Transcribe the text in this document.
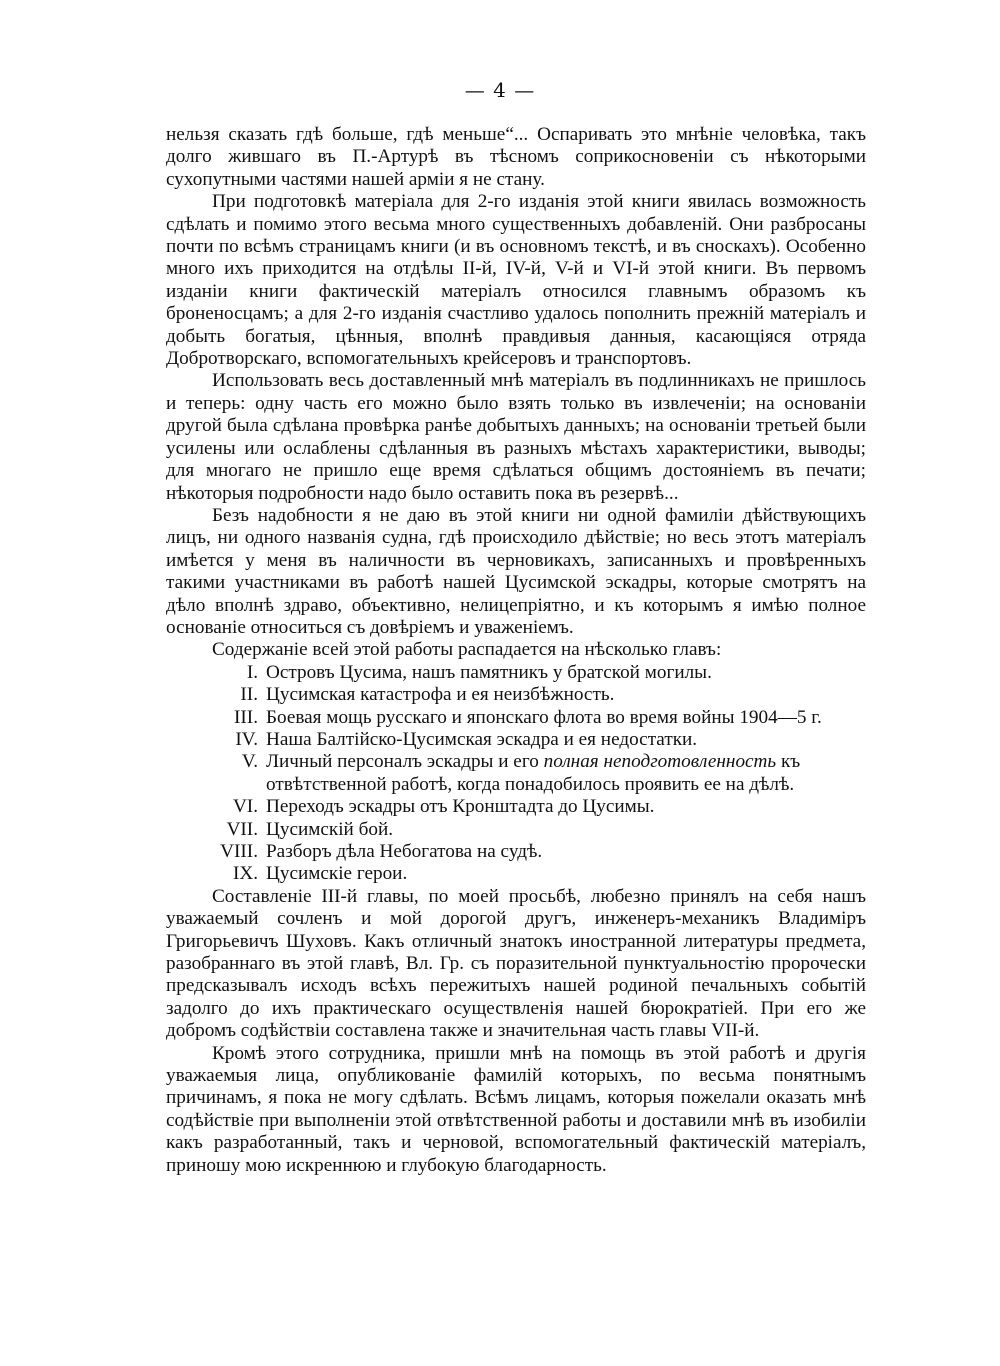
— 4 —

нельзя сказать гдѣ больше, гдѣ меньше“... Оспаривать это мнѣніе человѣка, такъ долго жившаго въ П.-Артурѣ въ тѣсномъ соприкосновеніи съ нѣкоторыми сухопутными частями нашей арміи я не стану.

При подготовкѣ матеріала для 2-го изданія этой книги явилась возможность сдѣлать и помимо этого весьма много существенныхъ добавленій. Они разбросаны почти по всѣмъ страницамъ книги (и въ основномъ текстѣ, и въ сноскахъ). Особенно много ихъ приходится на отдѣлы II-й, IV-й, V-й и VI-й этой книги. Въ первомъ изданіи книги фактическій матеріалъ относился главнымъ образомъ къ броненосцамъ; а для 2-го изданія счастливо удалось пополнить прежній матеріалъ и добыть богатыя, цѣнныя, вполнѣ правдивыя данныя, касающіяся отряда Добротворскаго, вспомогательныхъ крейсеровъ и транспортовъ.

Использовать весь доставленный мнѣ матеріалъ въ подлинникахъ не пришлось и теперь: одну часть его можно было взять только въ извлеченіи; на основаніи другой была сдѣлана провѣрка ранѣе добытыхъ данныхъ; на основаніи третьей были усилены или ослаблены сдѣланныя въ разныхъ мѣстахъ характеристики, выводы; для многаго не пришло еще время сдѣлаться общимъ достояніемъ въ печати; нѣкоторыя подробности надо было оставить пока въ резервѣ...

Безъ надобности я не даю въ этой книги ни одной фамиліи дѣйствующихъ лицъ, ни одного названія судна, гдѣ происходило дѣйствіе; но весь этотъ матеріалъ имѣется у меня въ наличности въ черновикахъ, записанныхъ и провѣренныхъ такими участниками въ работѣ нашей Цусимской эскадры, которые смотрятъ на дѣло вполнѣ здраво, объективно, нелицепріятно, и къ которымъ я имѣю полное основаніе относиться съ довѣріемъ и уваженіемъ.

Содержаніе всей этой работы распадается на нѣсколько главъ:

I. Островъ Цусима, нашъ памятникъ у братской могилы.
II. Цусимская катастрофа и ея неизбѣжность.
III. Боевая мощь русскаго и японскаго флота во время войны 1904—5 г.
IV. Наша Балтійско-Цусимская эскадра и ея недостатки.
V. Личный персоналъ эскадры и его полная неподготовленность къ отвѣтственной работѣ, когда понадобилось проявить ее на дѣлѣ.
VI. Переходъ эскадры отъ Кронштадта до Цусимы.
VII. Цусимскій бой.
VIII. Разборъ дѣла Небогатова на судѣ.
IX. Цусимскіе герои.

Составленіе III-й главы, по моей просьбѣ, любезно принялъ на себя нашъ уважаемый сочленъ и мой дорогой другъ, инженеръ-механикъ Владиміръ Григорьевичъ Шуховъ. Какъ отличный знатокъ иностранной литературы предмета, разобраннаго въ этой главѣ, Вл. Гр. съ поразительной пунктуальностію пророчески предсказывалъ исходъ всѣхъ пережитыхъ нашей родиной печальныхъ событій задолго до ихъ практическаго осуществленія нашей бюрократіей. При его же добромъ содѣйствіи составлена также и значительная часть главы VII-й.

Кромѣ этого сотрудника, пришли мнѣ на помощь въ этой работѣ и другія уважаемыя лица, опубликованіе фамилій которыхъ, по весьма понятнымъ причинамъ, я пока не могу сдѣлать. Всѣмъ лицамъ, которыя пожелали оказать мнѣ содѣйствіе при выполненіи этой отвѣтственной работы и доставили мнѣ въ изобиліи какъ разработанный, такъ и черновой, вспомогательный фактическій матеріалъ, приношу мою искреннюю и глубокую благодарность.
